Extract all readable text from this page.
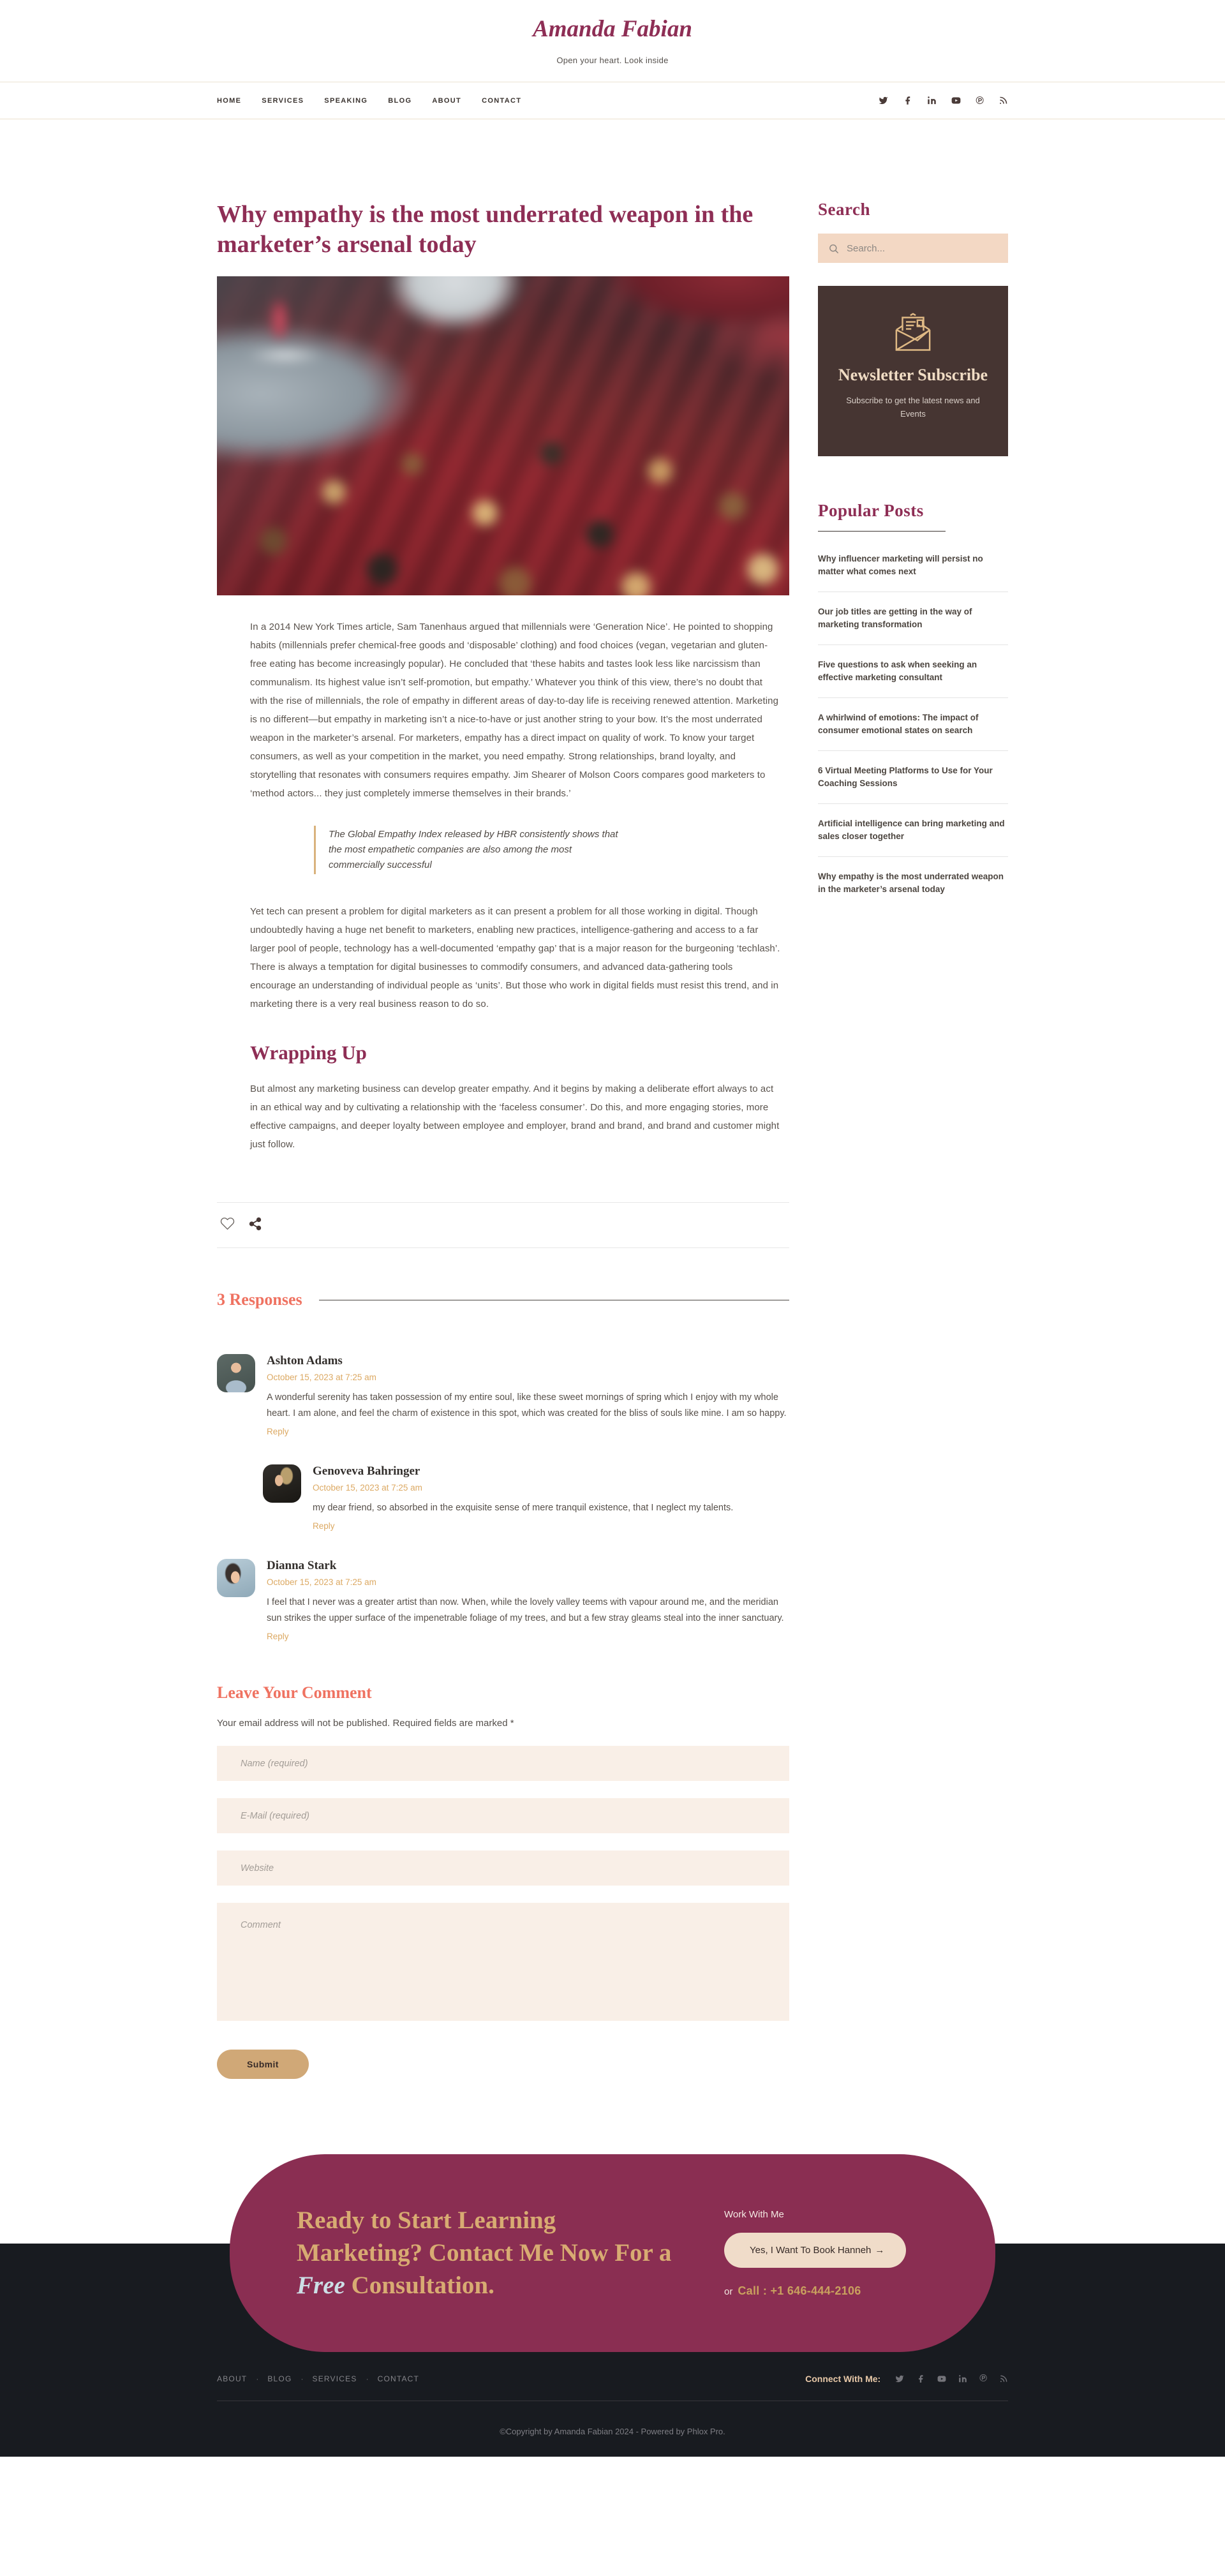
Amanda Fabian
Open your heart. Look inside
HOME	SERVICES	SPEAKING	BLOG	ABOUT	CONTACT	℗
Why empathy is the most underrated weapon in the marketer’s arsenal today

In a 2014 New York Times article, Sam Tanenhaus argued that millennials were ‘Generation Nice’. He pointed to shopping habits (millennials prefer chemical-free goods and ‘disposable’ clothing) and food choices (vegan, vegetarian and gluten-free eating has become increasingly popular). He concluded that ‘these habits and tastes look less like narcissism than communalism. Its highest value isn’t self-promotion, but empathy.’ Whatever you think of this view, there’s no doubt that with the rise of millennials, the role of empathy in different areas of day-to-day life is receiving renewed attention. Marketing is no different—but empathy in marketing isn’t a nice-to-have or just another string to your bow. It’s the most underrated weapon in the marketer’s arsenal. For marketers, empathy has a direct impact on quality of work. To know your target consumers, as well as your competition in the market, you need empathy. Strong relationships, brand loyalty, and storytelling that resonates with consumers requires empathy. Jim Shearer of Molson Coors compares good marketers to ‘method actors... they just completely immerse themselves in their brands.’

The Global Empathy Index released by HBR consistently shows that the most empathetic companies are also among the most commercially successful

Yet tech can present a problem for digital marketers as it can present a problem for all those working in digital. Though undoubtedly having a huge net benefit to marketers, enabling new practices, intelligence-gathering and access to a far larger pool of people, technology has a well-documented ‘empathy gap’ that is a major reason for the burgeoning ‘techlash’. There is always a temptation for digital businesses to commodify consumers, and advanced data-gathering tools encourage an understanding of individual people as ‘units’. But those who work in digital fields must resist this trend, and in marketing there is a very real business reason to do so.

Wrapping Up

But almost any marketing business can develop greater empathy. And it begins by making a deliberate effort always to act in an ethical way and by cultivating a relationship with the ‘faceless consumer’. Do this, and more engaging stories, more effective campaigns, and deeper loyalty between employee and employer, brand and brand, and brand and customer might just follow.

3 Responses
Ashton Adams
October 15, 2023 at 7:25 am
A wonderful serenity has taken possession of my entire soul, like these sweet mornings of spring which I enjoy with my whole heart. I am alone, and feel the charm of existence in this spot, which was created for the bliss of souls like mine. I am so happy.
Reply
Genoveva Bahringer
October 15, 2023 at 7:25 am
my dear friend, so absorbed in the exquisite sense of mere tranquil existence, that I neglect my talents.
Reply
Dianna Stark
October 15, 2023 at 7:25 am
I feel that I never was a greater artist than now. When, while the lovely valley teems with vapour around me, and the meridian sun strikes the upper surface of the impenetrable foliage of my trees, and but a few stray gleams steal into the inner sanctuary.
Reply
Leave Your Comment
Your email address will not be published. Required fields are marked *
Name (required) E-Mail (required) Website Comment Submit
Search
Search...
Newsletter Subscribe
Subscribe to get the latest news and Events
Popular Posts
Why influencer marketing will persist no matter what comes next
Our job titles are getting in the way of marketing transformation
Five questions to ask when seeking an effective marketing consultant
A whirlwind of emotions: The impact of consumer emotional states on search
6 Virtual Meeting Platforms to Use for Your Coaching Sessions
Artificial intelligence can bring marketing and sales closer together
Why empathy is the most underrated weapon in the marketer’s arsenal today
Ready to Start Learning Marketing? Contact Me Now For a Free Consultation.
Work With Me
Yes, I Want To Book Hanneh →
or Call : +1 646-444-2106
ABOUT · BLOG · SERVICES · CONTACT	Connect With Me:	℗
©Copyright by Amanda Fabian 2024 - Powered by Phlox Pro.
